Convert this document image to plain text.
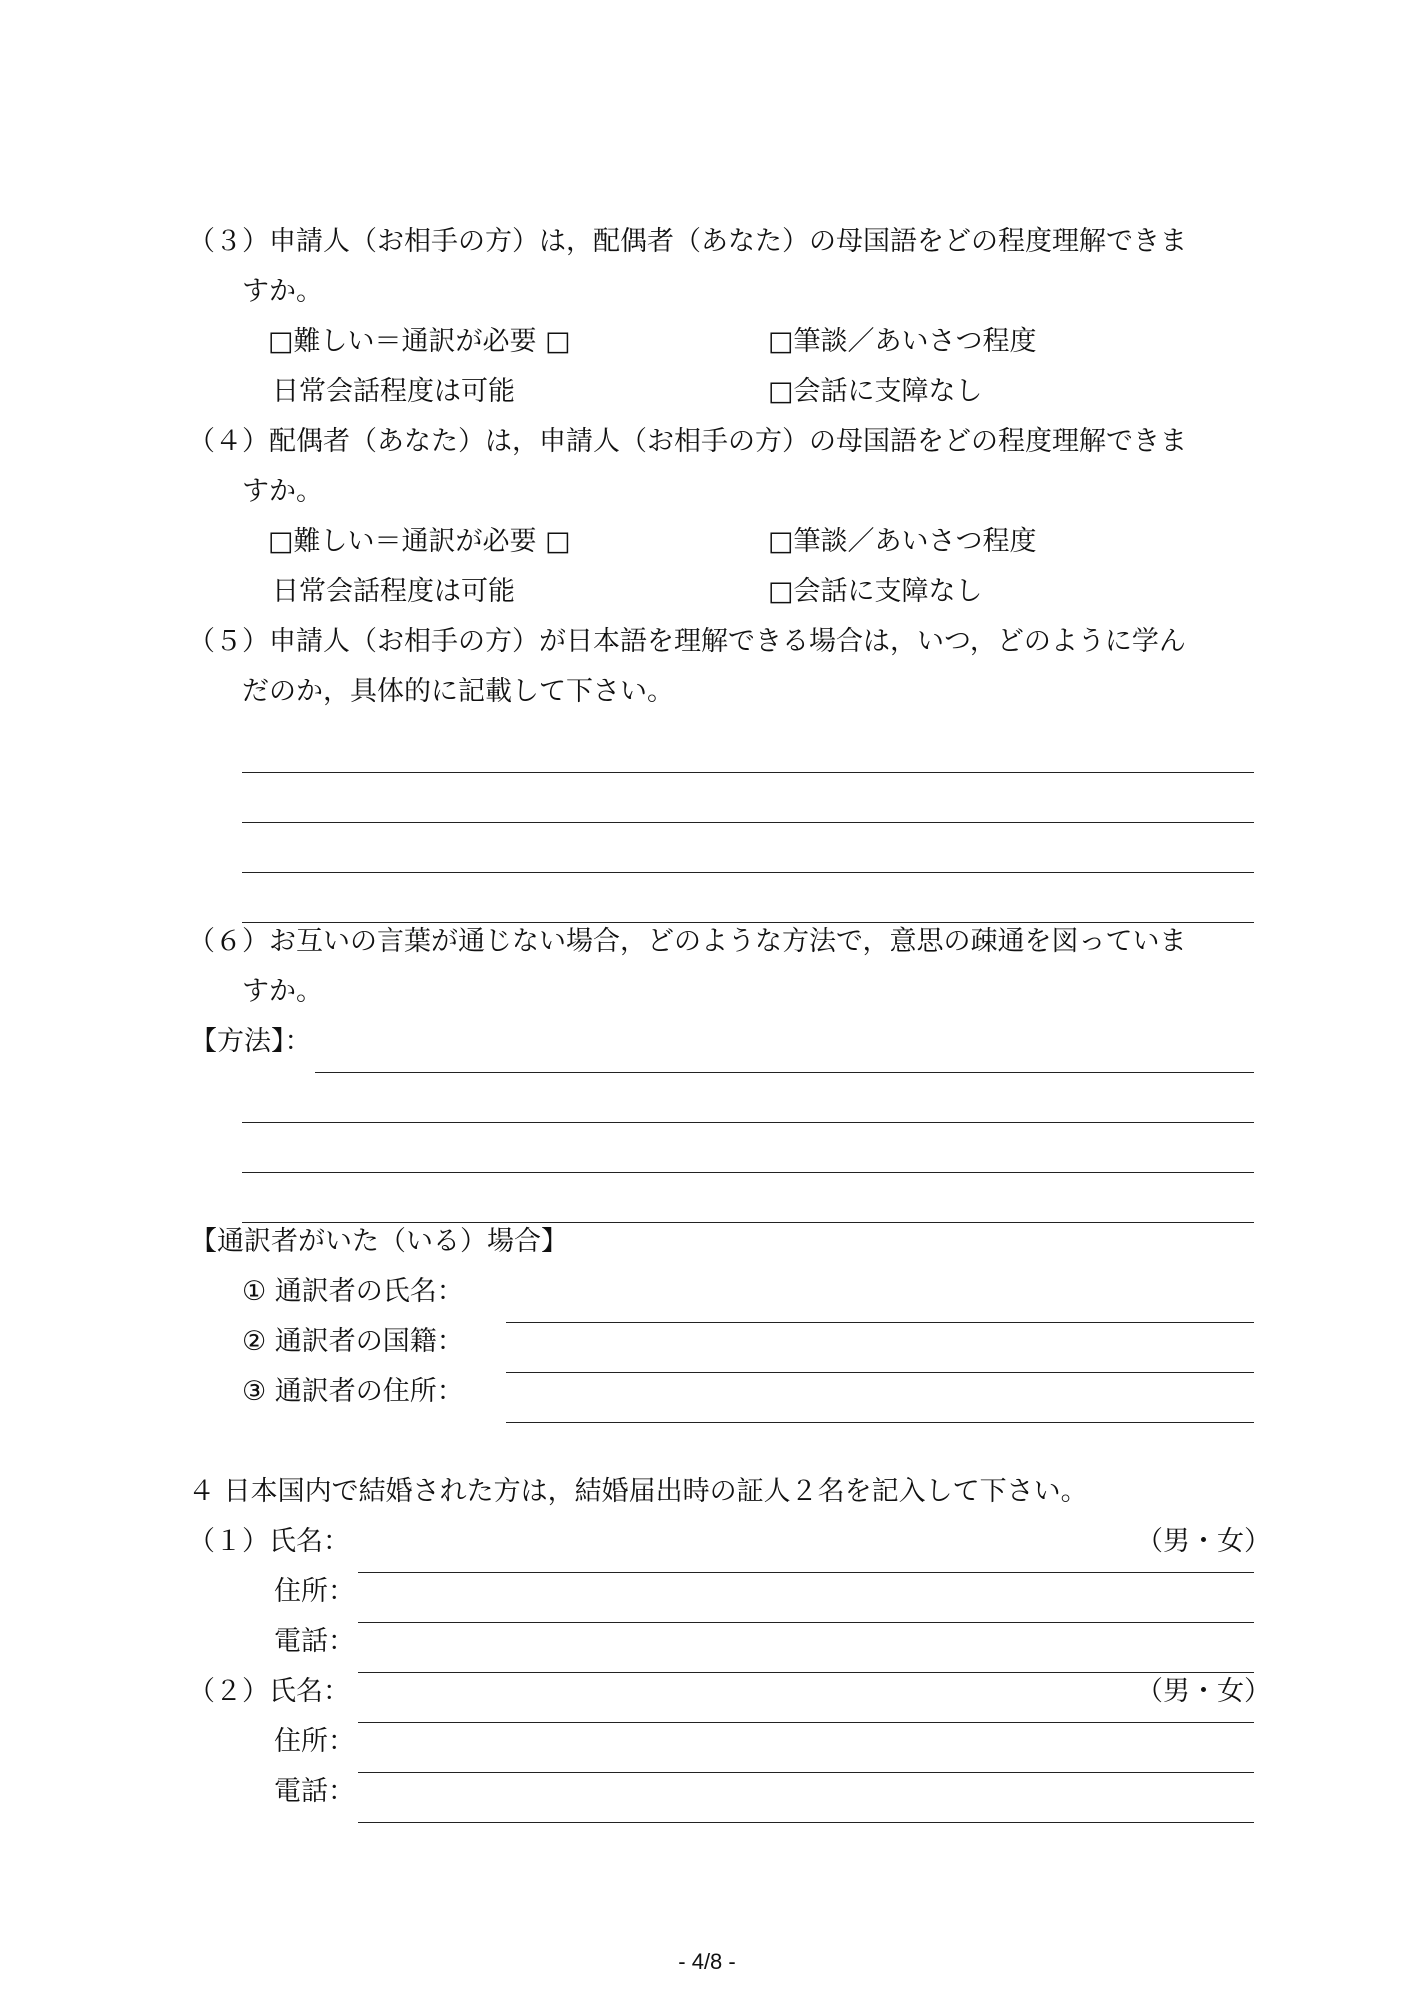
（３）申請人（お相手の方）は，配偶者（あなた）の母国語をどの程度理解できま
すか。
□難しい＝通訳が必要 □	□筆談／あいさつ程度
日常会話程度は可能	□会話に支障なし
（４）配偶者（あなた）は，申請人（お相手の方）の母国語をどの程度理解できま
すか。
□難しい＝通訳が必要 □	□筆談／あいさつ程度
日常会話程度は可能	□会話に支障なし
（５）申請人（お相手の方）が日本語を理解できる場合は，いつ，どのように学ん
だのか，具体的に記載して下さい。
（６）お互いの言葉が通じない場合，どのような方法で，意思の疎通を図っていま
すか。
【方法】：
【通訳者がいた（いる）場合】
① 通訳者の氏名：
② 通訳者の国籍：
③ 通訳者の住所：
４ 日本国内で結婚された方は，結婚届出時の証人２名を記入して下さい。
（１）氏名：	（男・女）
住所：
電話：
（２）氏名：	（男・女）
住所：
電話：
- 4/8 -
